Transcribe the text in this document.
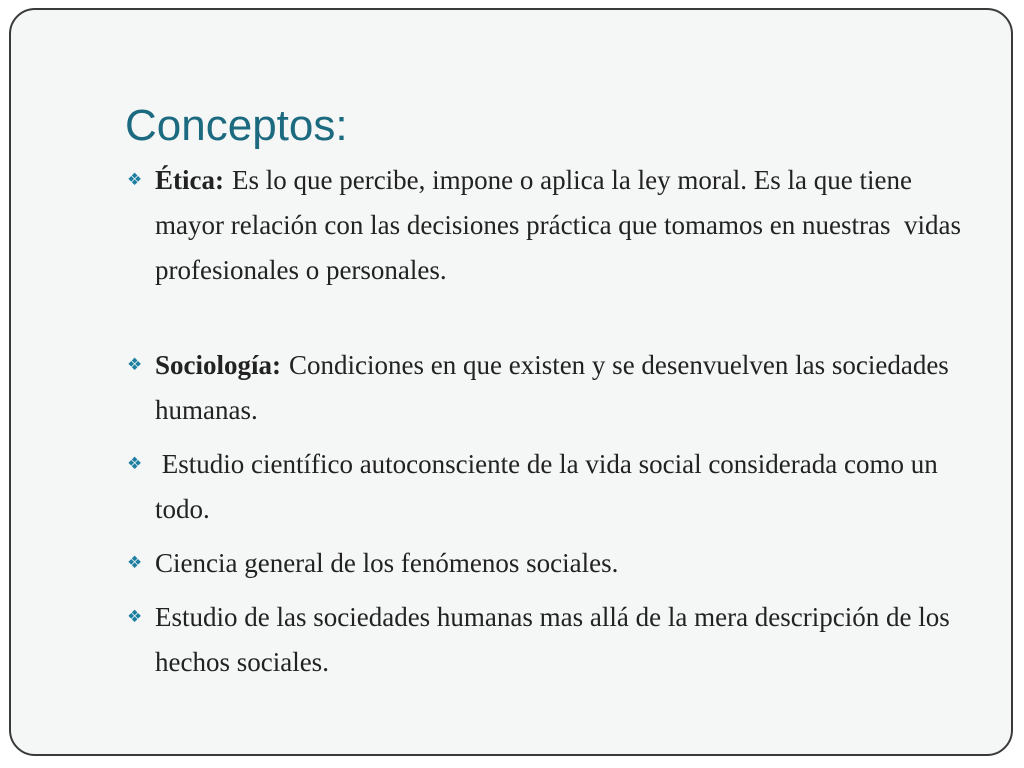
Conceptos:
❖ Ética: Es lo que percibe, impone o aplica la ley moral. Es la que tiene mayor relación con las decisiones práctica que tomamos en nuestras  vidas profesionales o personales.
❖ Sociología: Condiciones en que existen y se desenvuelven las sociedades humanas.
❖ Estudio científico autoconsciente de la vida social considerada como un todo.
❖ Ciencia general de los fenómenos sociales.
❖ Estudio de las sociedades humanas mas allá de la mera descripción de los hechos sociales.
